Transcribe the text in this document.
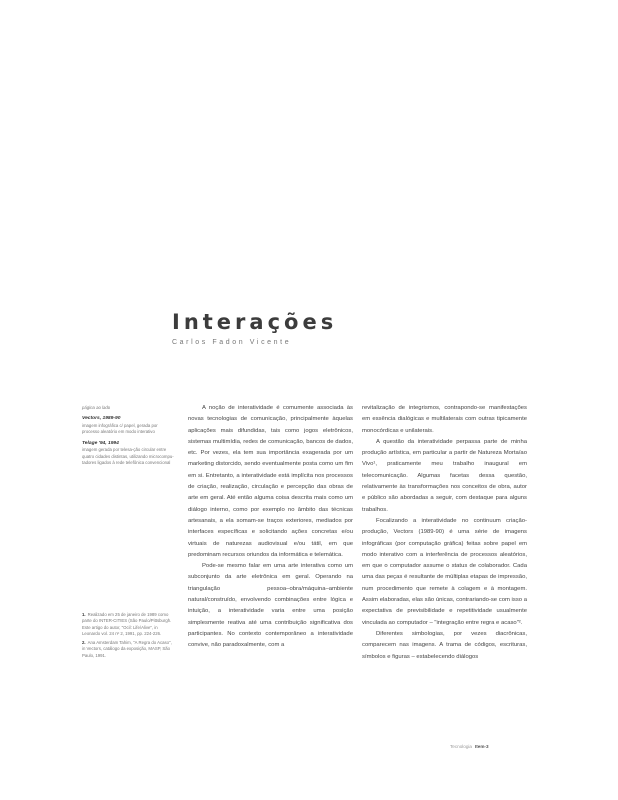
Interações
Carlos Fadon Vicente
página ao lado
Vectors, 1989-90
imagem infográfica c/ papel, gerada por processo aleatório em modo interativo
Telage '94, 1994
imagem gerada por telesa-ção circular entre quatro cidades distintas, utilizando microcompu-tadores ligados à rede telefônica convencional
1. Realizado em 25 de janeiro de 1989 como parte do INTER-CITIES (São Paulo/Pittsburgh. Este artigo do autor, "Ocil: Life/Alive", in Leonardo vol. 24 nº 2, 1991, pp. 224-226.
2. Ana Amsterdam Tahim, "A Regra do Acaso", in Vectors, catálogo da exposição, MASP, São Paulo, 1991.

A noção de interatividade é comumente associada às novas tecnologias de comunicação, principalmente àquelas aplicações mais difundidas, tais como jogos eletrônicos, sistemas multimídia, redes de comunicação, bancos de dados, etc. Por vezes, ela tem sua importância exagerada por um marketing distorcido, sendo eventualmente posta como um fim em si. Entretanto, a interatividade está implícita nos processos de criação, realização, circulação e percepção das obras de arte em geral. Até então alguma coisa descrita mais como um diálogo interno, como por exemplo no âmbito das técnicas artesanais, a ela somam-se traços exteriores, mediados por interfaces específicas e solicitando ações concretas e/ou virtuais de naturezas audiovisual e/ou tátil, em que predominam recursos oriundos da informática e telemática.

Pode-se mesmo falar em uma arte interativa como um subconjunto da arte eletrônica em geral. Operando na triangulação pessoa–obra/máquina–ambiente natural/construído, envolvendo combinações entre lógica e intuição, a interatividade varia entre uma posição simplesmente reativa até uma contribuição significativa dos participantes. No contexto contemporâneo a interatividade convive, não paradoxalmente, com a

revitalização de integrismos, contrapondo-se manifestações em essência dialógicas e multilaterais com outras tipicamente monocórdicas e unilaterais.

A questão da interatividade perpassa parte de minha produção artística, em particular a partir de Natureza Morta/ao Vivo¹, praticamente meu trabalho inaugural em telecomunicação. Algumas facetas dessa questão, relativamente às transformações nos conceitos de obra, autor e público são abordadas a seguir, com destaque para alguns trabalhos.

Focalizando a interatividade no continuum criação-produção, Vectors (1989-90) é uma série de imagens infográficas (por computação gráfica) feitas sobre papel em modo interativo com a interferência de processos aleatórios, em que o computador assume o status de colaborador. Cada uma das peças é resultante de múltiplas etapas de impressão, num procedimento que remete à colagem e à montagem. Assim elaboradas, elas são únicas, contrariando-se com isso a expectativa de previsibilidade e repetitividade usualmente vinculada ao computador – "integração entre regra e acaso"².

Diferentes simbologias, por vezes diacrônicas, comparecem nas imagens. A trama de códigos, escrituras, símbolos e figuras – estabelecendo diálogos

Tecnologia Item-3
